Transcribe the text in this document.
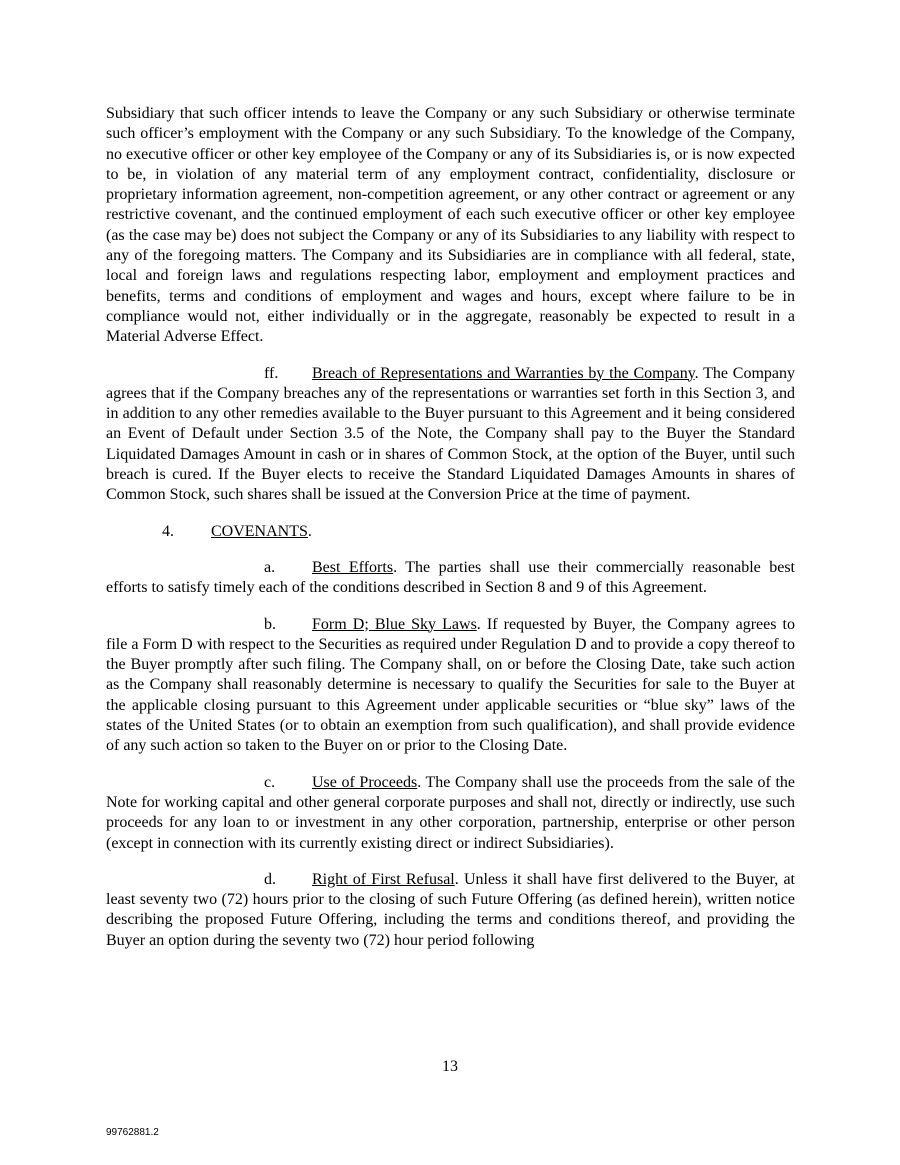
Subsidiary that such officer intends to leave the Company or any such Subsidiary or otherwise terminate such officer’s employment with the Company or any such Subsidiary. To the knowledge of the Company, no executive officer or other key employee of the Company or any of its Subsidiaries is, or is now expected to be, in violation of any material term of any employment contract, confidentiality, disclosure or proprietary information agreement, non-competition agreement, or any other contract or agreement or any restrictive covenant, and the continued employment of each such executive officer or other key employee (as the case may be) does not subject the Company or any of its Subsidiaries to any liability with respect to any of the foregoing matters. The Company and its Subsidiaries are in compliance with all federal, state, local and foreign laws and regulations respecting labor, employment and employment practices and benefits, terms and conditions of employment and wages and hours, except where failure to be in compliance would not, either individually or in the aggregate, reasonably be expected to result in a Material Adverse Effect.

ff. Breach of Representations and Warranties by the Company. The Company agrees that if the Company breaches any of the representations or warranties set forth in this Section 3, and in addition to any other remedies available to the Buyer pursuant to this Agreement and it being considered an Event of Default under Section 3.5 of the Note, the Company shall pay to the Buyer the Standard Liquidated Damages Amount in cash or in shares of Common Stock, at the option of the Buyer, until such breach is cured. If the Buyer elects to receive the Standard Liquidated Damages Amounts in shares of Common Stock, such shares shall be issued at the Conversion Price at the time of payment.

4. COVENANTS.

a. Best Efforts. The parties shall use their commercially reasonable best efforts to satisfy timely each of the conditions described in Section 8 and 9 of this Agreement.

b. Form D; Blue Sky Laws. If requested by Buyer, the Company agrees to file a Form D with respect to the Securities as required under Regulation D and to provide a copy thereof to the Buyer promptly after such filing. The Company shall, on or before the Closing Date, take such action as the Company shall reasonably determine is necessary to qualify the Securities for sale to the Buyer at the applicable closing pursuant to this Agreement under applicable securities or “blue sky” laws of the states of the United States (or to obtain an exemption from such qualification), and shall provide evidence of any such action so taken to the Buyer on or prior to the Closing Date.

c. Use of Proceeds. The Company shall use the proceeds from the sale of the Note for working capital and other general corporate purposes and shall not, directly or indirectly, use such proceeds for any loan to or investment in any other corporation, partnership, enterprise or other person (except in connection with its currently existing direct or indirect Subsidiaries).

d. Right of First Refusal. Unless it shall have first delivered to the Buyer, at least seventy two (72) hours prior to the closing of such Future Offering (as defined herein), written notice describing the proposed Future Offering, including the terms and conditions thereof, and providing the Buyer an option during the seventy two (72) hour period following

13
99762881.2
